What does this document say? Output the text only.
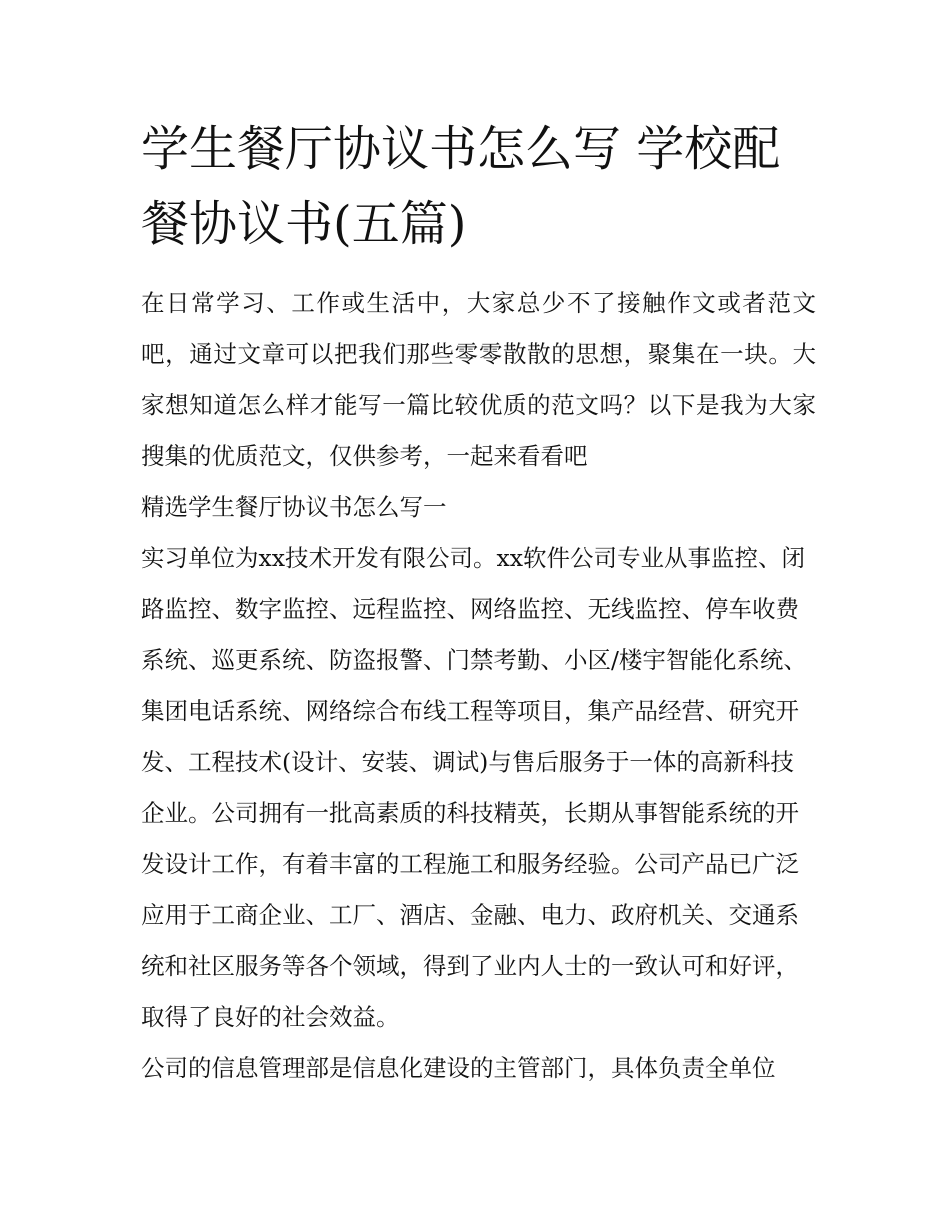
学生餐厅协议书怎么写 学校配餐协议书(五篇)

在日常学习、工作或生活中，大家总少不了接触作文或者范文吧，通过文章可以把我们那些零零散散的思想，聚集在一块。大家想知道怎么样才能写一篇比较优质的范文吗？以下是我为大家搜集的优质范文，仅供参考，一起来看看吧

精选学生餐厅协议书怎么写一

实习单位为xx技术开发有限公司。xx软件公司专业从事监控、闭路监控、数字监控、远程监控、网络监控、无线监控、停车收费系统、巡更系统、防盗报警、门禁考勤、小区/楼宇智能化系统、集团电话系统、网络综合布线工程等项目，集产品经营、研究开发、工程技术(设计、安装、调试)与售后服务于一体的高新科技企业。公司拥有一批高素质的科技精英，长期从事智能系统的开发设计工作，有着丰富的工程施工和服务经验。公司产品已广泛应用于工商企业、工厂、酒店、金融、电力、政府机关、交通系统和社区服务等各个领域，得到了业内人士的一致认可和好评，取得了良好的社会效益。

公司的信息管理部是信息化建设的主管部门，具体负责全单位
